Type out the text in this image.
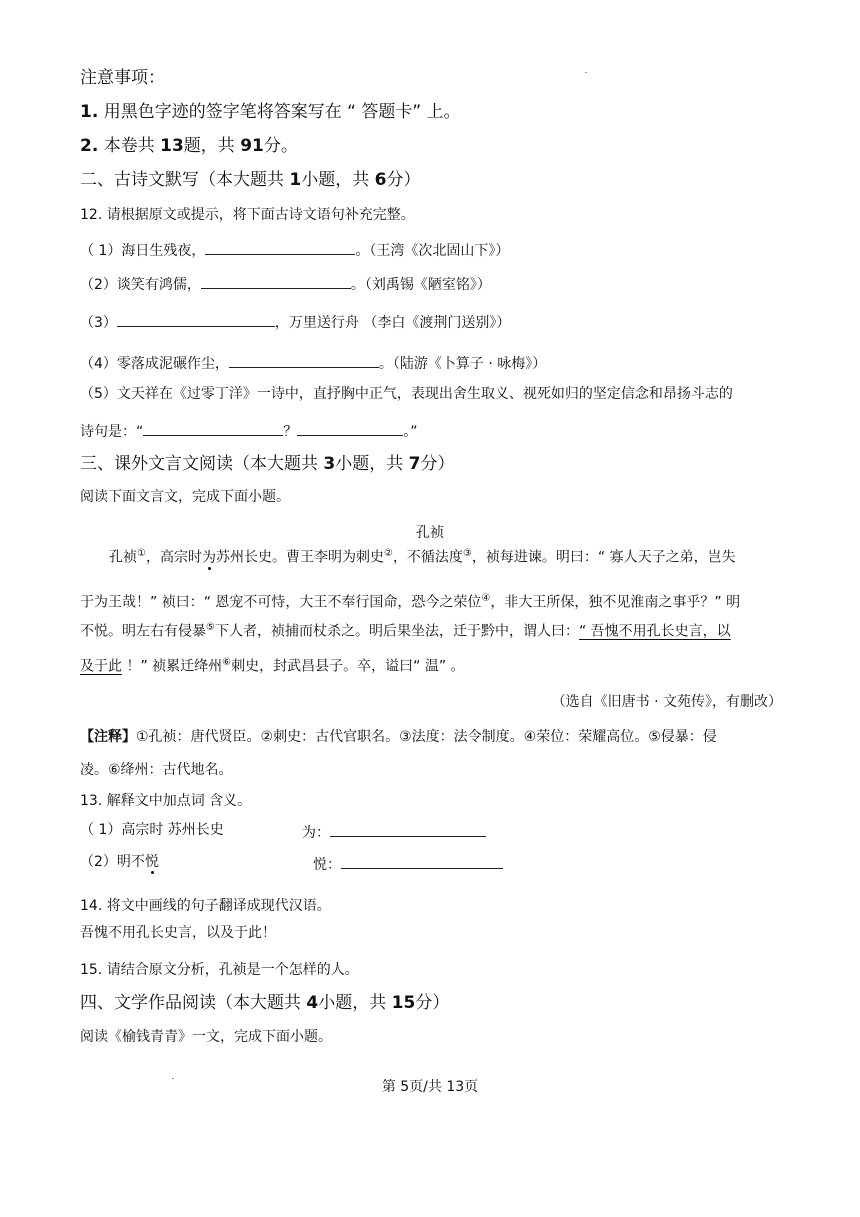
注意事项：
1. 用黑色字迹的签字笔将答案写在 “ 答题卡” 上。
2. 本卷共 13题，共 91分。
二、古诗文默写（本大题共 1小题，共 6分）
12. 请根据原文或提示，将下面古诗文语句补充完整。
（ 1）海日生残夜，	。（王湾《次北固山下》）
（2）谈笑有鸿儒，	。（刘禹锡《陋室铭》）
（3）	，万里送行舟 （李白《渡荆门送别》）
（4）零落成泥碾作尘，	。（陆游《卜算子 · 咏梅》）
（5）文天祥在《过零丁洋》一诗中，直抒胸中正气，表现出舍生取义、视死如归的坚定信念和昂扬斗志的
诗句是：“	？	。”
三、课外文言文阅读（本大题共 3小题，共 7分）
阅读下面文言文，完成下面小题。
孔祯
孔祯①，高宗时为苏州长史。曹王李明为刺史②，不循法度③，祯每进谏。明曰：“ 寡人天子之弟，岂失
于为王哉！” 祯曰：“ 恩宠不可恃，大王不奉行国命，恐今之荣位④，非大王所保，独不见淮南之事乎？” 明
不悦。明左右有侵暴⑤下人者，祯捕而杖杀之。明后果坐法，迁于黔中，谓人曰：“ 吾愧不用孔长史言，以
及于此 ！” 祯累迁绛州⑥刺史，封武昌县子。卒，谥曰“ 温” 。
（选自《旧唐书 · 文苑传》，有删改）
【注释】①孔祯：唐代贤臣。②刺史：古代官职名。③法度：法令制度。④荣位：荣耀高位。⑤侵暴：侵
凌。⑥绛州：古代地名。
13. 解释文中加点词 含义。
（ 1）高宗时 苏州长史	为：
（2）明不悦	悦：
14. 将文中画线的句子翻译成现代汉语。
吾愧不用孔长史言，以及于此！
15. 请结合原文分析，孔祯是一个怎样的人。
四、文学作品阅读（本大题共 4小题，共 15分）
阅读《榆钱青青》一文，完成下面小题。
第 5页/共 13页
